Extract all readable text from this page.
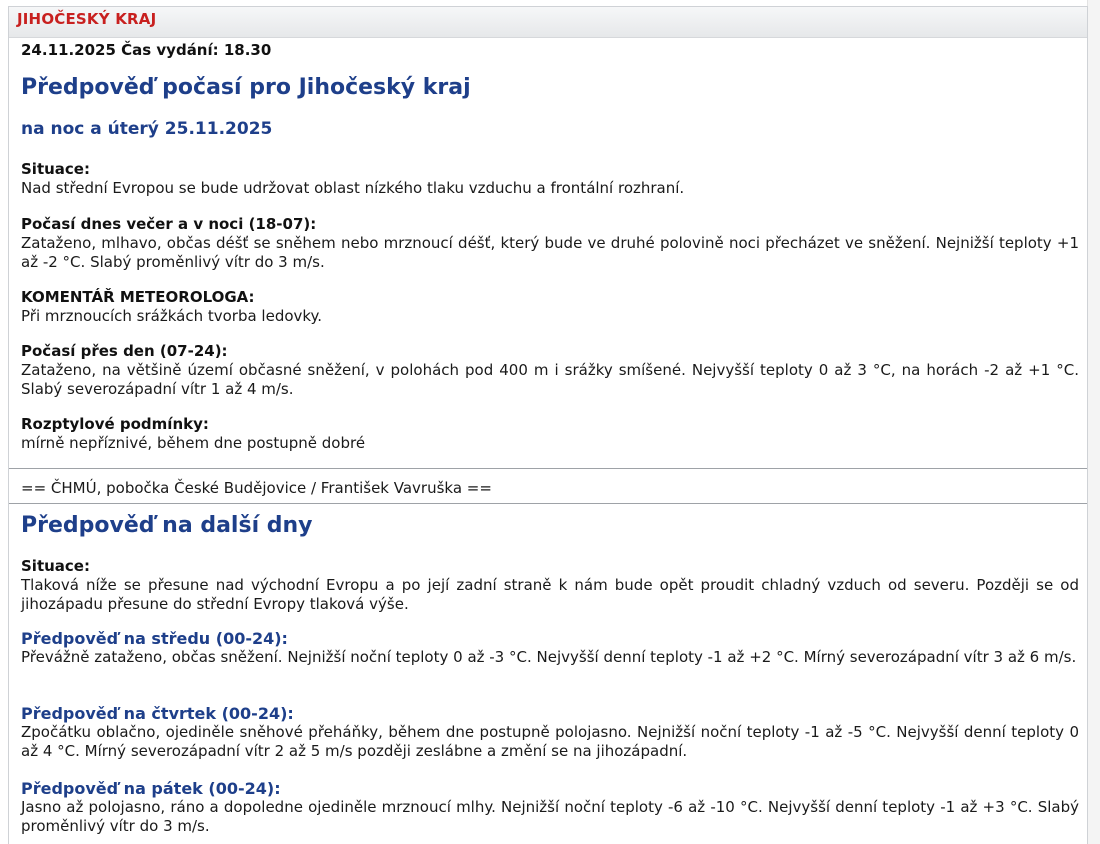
JIHOČESKÝ KRAJ

24.11.2025 Čas vydání: 18.30

Předpověď počasí pro Jihočeský kraj
na noc a úterý 25.11.2025

Situace:

Nad střední Evropou se bude udržovat oblast nízkého tlaku vzduchu a frontální rozhraní.

Počasí dnes večer a v noci (18-07):

Zataženo, mlhavo, občas déšť se sněhem nebo mrznoucí déšť, který bude ve druhé polovině noci přecházet ve sněžení. Nejnižší teploty +1 až -2 °C. Slabý proměnlivý vítr do 3 m/s.

KOMENTÁŘ METEOROLOGA:

Při mrznoucích srážkách tvorba ledovky.

Počasí přes den (07-24):

Zataženo, na většině území občasné sněžení, v polohách pod 400 m i srážky smíšené. Nejvyšší teploty 0 až 3 °C, na horách -2 až +1 °C. Slabý severozápadní vítr 1 až 4 m/s.

Rozptylové podmínky:

mírně nepříznivé, během dne postupně dobré

== ČHMÚ, pobočka České Budějovice / František Vavruška ==

Předpověď na další dny

Situace:

Tlaková níže se přesune nad východní Evropu a po její zadní straně k nám bude opět proudit chladný vzduch od severu. Později se od jihozápadu přesune do střední Evropy tlaková výše.

Předpověď na středu (00-24):

Převážně zataženo, občas sněžení. Nejnižší noční teploty 0 až -3 °C. Nejvyšší denní teploty -1 až +2 °C. Mírný severozápadní vítr 3 až 6 m/s.

Předpověď na čtvrtek (00-24):

Zpočátku oblačno, ojediněle sněhové přeháňky, během dne postupně polojasno. Nejnižší noční teploty -1 až -5 °C. Nejvyšší denní teploty 0 až 4 °C. Mírný severozápadní vítr 2 až 5 m/s později zeslábne a změní se na jihozápadní.

Předpověď na pátek (00-24):

Jasno až polojasno, ráno a dopoledne ojediněle mrznoucí mlhy. Nejnižší noční teploty -6 až -10 °C. Nejvyšší denní teploty -1 až +3 °C. Slabý proměnlivý vítr do 3 m/s.
